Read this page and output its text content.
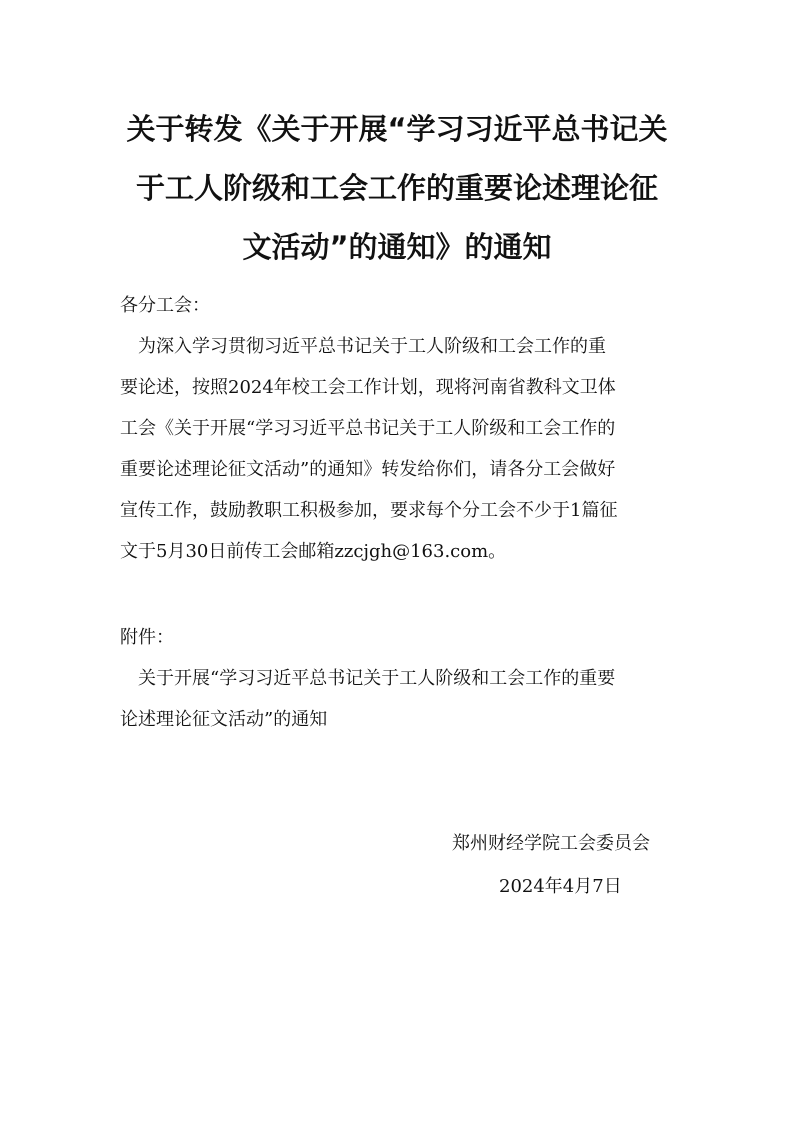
关于转发《关于开展“学习习近平总书记关
于工人阶级和工会工作的重要论述理论征
文活动”的通知》的通知

各分工会：

　为深入学习贯彻习近平总书记关于工人阶级和工会工作的重
要论述，按照2024年校工会工作计划，现将河南省教科文卫体
工会《关于开展“学习习近平总书记关于工人阶级和工会工作的
重要论述理论征文活动”的通知》转发给你们，请各分工会做好
宣传工作，鼓励教职工积极参加，要求每个分工会不少于1篇征
文于5月30日前传工会邮箱zzcjgh@163.com。

附件：

　关于开展“学习习近平总书记关于工人阶级和工会工作的重要
论述理论征文活动”的通知

郑州财经学院工会委员会

2024年4月7日
